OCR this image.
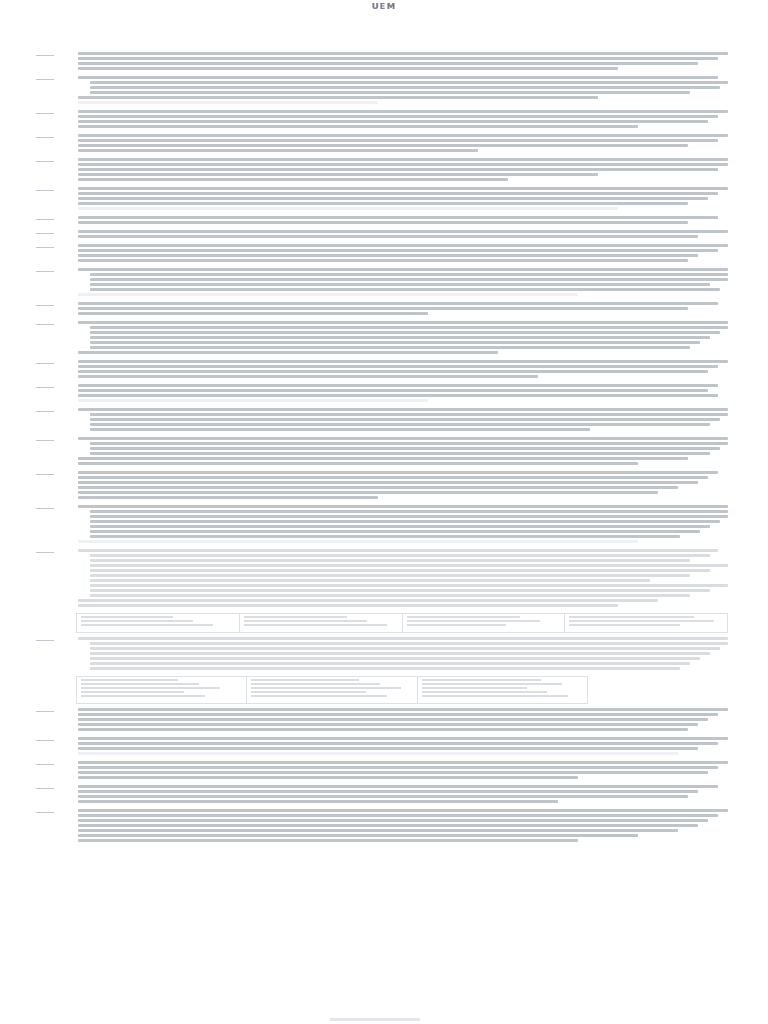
ᴜᴇᴍ
